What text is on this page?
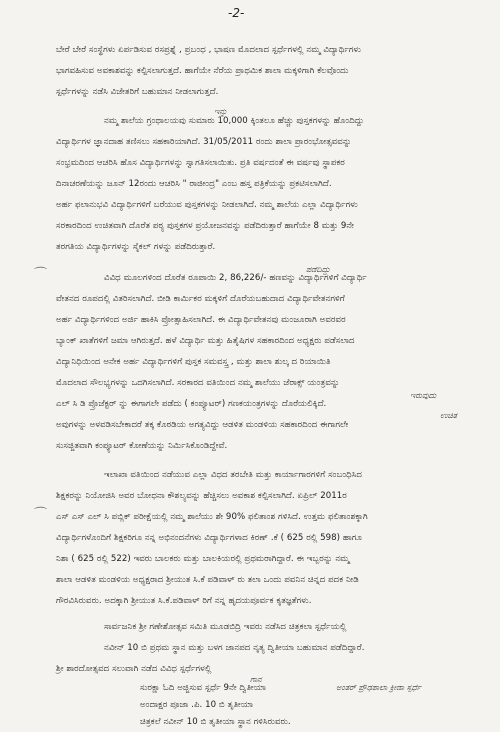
-2-
ಬೇರೆ ಬೇರೆ ಸಂಸ್ಥೆಗಳು ಏರ್ಪಡಿಸುವ ರಸಪ್ರಶ್ನೆ , ಪ್ರಬಂಧ , ಭಾಷಣ ಮೊದಲಾದ ಸ್ಪರ್ಧೆಗಳಲ್ಲಿ ನಮ್ಮ ವಿದ್ಯಾರ್ಥಿಗಳು
ಭಾಗವಹಿಸುವ ಅವಕಾಶವನ್ನು ಕಲ್ಪಿಸಲಾಗುತ್ತದೆ. ಹಾಗೆಯೇ ನೆರೆಯ ಪ್ರಾಥಮಿಕ ಶಾಲಾ ಮಕ್ಕಳಿಗಾಗಿ ಕೆಲವೊಂದು
ಸ್ಪರ್ಧೆಗಳನ್ನು ನಡೆಸಿ ವಿಜೇತರಿಗೆ ಬಹುಮಾನ ನೀಡಲಾಗುತ್ತದೆ.
ನಮ್ಮ ಶಾಲೆಯ ಗ್ರಂಥಾಲಯವು ಸುಮಾರು 10,000 ಕ್ಕಿಂತಲೂ ಹೆಚ್ಚು ಪುಸ್ತಕಗಳನ್ನು ಹೊಂದಿದ್ದು
ವಿದ್ಯಾರ್ಥಿಗಳ ಜ್ಞಾನದಾಹ ತಣಿಸಲು ಸಹಕಾರಿಯಾಗಿದೆ. 31/05/2011 ರಂದು ಶಾಲಾ ಪ್ರಾರಂಭೋತ್ಸವವನ್ನು
ಸಂಭ್ರಮದಿಂದ ಆಚರಿಸಿ ಹೊಸ ವಿದ್ಯಾರ್ಥಿಗಳನ್ನು ಸ್ವಾಗತಿಸಲಾಯಿತು. ಪ್ರತಿ ವರ್ಷದಂತೆ ಈ ವರ್ಷವು ಸ್ಥಾಪಕರ
ದಿನಾಚರಣೆಯನ್ನು ಜೂನ್ 12ರಂದು ಆಚರಿಸಿ " ರಾಜೀಂದ್ರ" ಎಂಬ ಹಸ್ತ ಪತ್ರಿಕೆಯನ್ನು ಪ್ರಕಟಿಸಲಾಗಿದೆ.
ಅರ್ಹ ಫಲಾನುಭವಿ ವಿದ್ಯಾರ್ಥಿಗಳಿಗೆ ಬರೆಯುವ ಪುಸ್ತಕಗಳನ್ನು ನೀಡಲಾಗಿದೆ. ನಮ್ಮ ಶಾಲೆಯ ಎಲ್ಲಾ ವಿದ್ಯಾರ್ಥಿಗಳು
ಸರಕಾರದಿಂದ ಉಚಿತವಾಗಿ ದೊರೆತ ಪಠ್ಯ ಪುಸ್ತಕಗಳ ಪ್ರಯೋಜನವನ್ನು ಪಡೆದಿರುತ್ತಾರೆ ಹಾಗೆಯೇ 8 ಮತ್ತು 9ನೇ
ತರಗತಿಯ ವಿದ್ಯಾರ್ಥಿಗಳನ್ನು ಸೈಕಲ್ ಗಳನ್ನು ಪಡೆದಿರುತ್ತಾರೆ.
ವಿವಿಧ ಮೂಲಗಳಿಂದ ದೊರೆತ ರೂಪಾಯಿ 2, 86,226/- ಹಣವನ್ನು ವಿದ್ಯಾರ್ಥಿಗಳಿಗೆ ವಿದ್ಯಾರ್ಥಿ
ವೇತನದ ರೂಪದಲ್ಲಿ ವಿತರಿಸಲಾಗಿದೆ. ಬೀಡಿ ಕಾರ್ಮಿಕರ ಮಕ್ಕಳಿಗೆ ದೊರೆಯಬಹುದಾದ ವಿದ್ಯಾರ್ಥಿವೇತನಗಳಿಗೆ
ಅರ್ಹ ವಿದ್ಯಾರ್ಥಿಗಳಿಂದ ಅರ್ಜಿ ಹಾಕಿಸಿ ಪ್ರೋತ್ಸಾಹಿಸಲಾಗಿದೆ. ಈ ವಿದ್ಯಾರ್ಥಿವೇತನವು ಮಂಜೂರಾಗಿ ಅವರವರ
ಬ್ಯಾಂಕ್ ಖಾತೆಗಳಿಗೆ ಜಮಾ ಆಗಿರುತ್ತದೆ. ಹಳೆ ವಿದ್ಯಾರ್ಥಿ ಮತ್ತು ಹಿತೈಷಿಗಳ ಸಹಕಾರದಿಂದ ಅಧ್ಯಕ್ಷರು ಪಡೆಸಲಾದ
ವಿದ್ಯಾನಿಧಿಯಿಂದ ಅನೇಕ ಅರ್ಹ ವಿದ್ಯಾರ್ಥಿಗಳಿಗೆ ಪುಸ್ತಕ ಸಮವಸ್ತ್ರ , ಮತ್ತು ಶಾಲಾ ಶುಲ್ಕ ದ ರಿಯಾಯಿತಿ
ಮೊದಲಾದ ಸೌಲಭ್ಯಗಳನ್ನು ಒದಗಿಸಲಾಗಿದೆ. ಸರಕಾರದ ವತಿಯಿಂದ ನಮ್ಮ ಶಾಲೆಯು ಜೆರಾಕ್ಸ್ ಯಂತ್ರವನ್ನು
ಎಲ್ ಸಿ ಡಿ ಪ್ರೊಜೆಕ್ಟರ್ ನ್ನು ಈಗಾಗಲೇ ಪಡೆದು ( ಕಂಪ್ಯೂಟರ್) ಗಣಕಯಂತ್ರಗಳನ್ನು ದೊರೆಯಲಿಕ್ಕಿದೆ.
ಅವುಗಳನ್ನು ಅಳವಡಿಸಬೇಕಾದರೆ ತಕ್ಕ ಕೊಠಡಿಯ ಅಗತ್ಯವಿದ್ದು ಆಡಳಿತ ಮಂಡಳಿಯ ಸಹಕಾರದಿಂದ ಈಗಾಗಲೇ
ಸುಸಜ್ಜಿತವಾಗಿ ಕಂಪ್ಯೂಟರ್ ಕೋಣೆಯನ್ನು ನಿರ್ಮಿಸಿಕೊಂಡಿದ್ದೇವೆ.
ಇಲಾಖಾ ವತಿಯಿಂದ ನಡೆಯುವ ಎಲ್ಲಾ ವಿಧದ ತರಬೇತಿ ಮತ್ತು ಕಾರ್ಯಾಗಾರಗಳಿಗೆ ಸಂಬಂಧಿಸಿದ
ಶಿಕ್ಷಕರನ್ನು ನಿಯೋಜಿಸಿ ಅವರ ಬೋಧನಾ ಕೌಶಲ್ಯವನ್ನು ಹೆಚ್ಚಿಸಲು ಅವಕಾಶ ಕಲ್ಪಿಸಲಾಗಿದೆ. ಏಪ್ರಿಲ್ 2011ರ
ಎಸ್ ಎಸ್ ಎಲ್ ಸಿ ಪಬ್ಲಿಕ್ ಪರೀಕ್ಷೆಯಲ್ಲಿ ನಮ್ಮ ಶಾಲೆಯು ಶೇ 90% ಫಲಿತಾಂಶ ಗಳಿಸಿದೆ. ಉತ್ತಮ ಫಲಿತಾಂಶಕ್ಕಾಗಿ
ವಿದ್ಯಾರ್ಥಿಗಳೊಂದಿಗೆ ಶಿಕ್ಷಕರಿಗೂ ನನ್ನ ಅಭಿನಂದನೆಗಳು ವಿದ್ಯಾರ್ಥಿಗಳಾದ ಕಿರಣ್ .ಕೆ ( 625 ರಲ್ಲಿ 598) ಹಾಗೂ
ನಿಶಾ ( 625 ರಲ್ಲಿ 522) ಇವರು ಬಾಲಕರು ಮತ್ತು ಬಾಲಕಿಯರಲ್ಲಿ ಪ್ರಥಮರಾಗಿದ್ದಾರೆ. ಈ ಇಬ್ಬರನ್ನು ನಮ್ಮ
ಶಾಲಾ ಆಡಳಿತ ಮಂಡಳಿಯ ಅಧ್ಯಕ್ಷರಾದ ಶ್ರೀಯುತ ಸಿ.ಕೆ ಪಡಿವಾಳ್ ರು ತಲಾ ಒಂದು ಪವನಿನ ಚಿನ್ನದ ಪದಕ ನೀಡಿ
ಗೌರವಿಸಿರುವರು. ಅದಕ್ಕಾಗಿ ಶ್ರೀಯುತ ಸಿ.ಕೆ.ಪಡಿವಾಳ್ ರಿಗೆ ನನ್ನ ಹೃದಯಪೂರ್ವಕ ಕೃತಜ್ಞತೆಗಳು.
ಸಾರ್ವಜನಿಕ ಶ್ರೀ ಗಣೇಶೋತ್ಸವ ಸಮಿತಿ ಮೂಡಬಿದ್ರಿ ಇವರು ನಡೆಸಿದ ಚಿತ್ರಕಲಾ ಸ್ಪರ್ಧೆಯಲ್ಲಿ
ನವೀನ್ 10 ಬಿ ಪ್ರಥಮ ಸ್ಥಾನ ಮತ್ತು ಬಳಗ ಜಾನಪದ ನೃತ್ಯ ದ್ವಿತೀಯಾ ಬಹುಮಾನ ಪಡೆದಿದ್ದಾರೆ.
ಶ್ರೀ ಶಾರದೋತ್ಸವದ ಸಲುವಾಗಿ ನಡೆದ ವಿವಿಧ ಸ್ಪರ್ಧೆಗಳಲ್ಲಿ
ಸುರಕ್ಷಾ ಓದಿ ಅಜ್ಜಿಸುವ ಸ್ಪರ್ಧೆ 9ನೇ ದ್ವಿತೀಯಾ
ಅಂದಾಕ್ಷರ ಪೂಜಾ .ಪಿ. 10 ಬಿ ತೃತೀಯಾ
ಚಿತ್ರಕಲೆ ನವೀನ್ 10 ಬಿ ತೃತೀಯಾ ಸ್ಥಾನ ಗಳಿಸಿರುವರು.
ಇನ್ನು
ಪಡೆದಿದ್ದು
ಉಚಿತ
ಇರುವುದು
ಗಾನ
ಅಂತರ್ ಪ್ರೌಢಶಾಲಾ ಕ್ರೀಡಾ ಸ್ಪರ್ಧೆ
⌒
⌒
